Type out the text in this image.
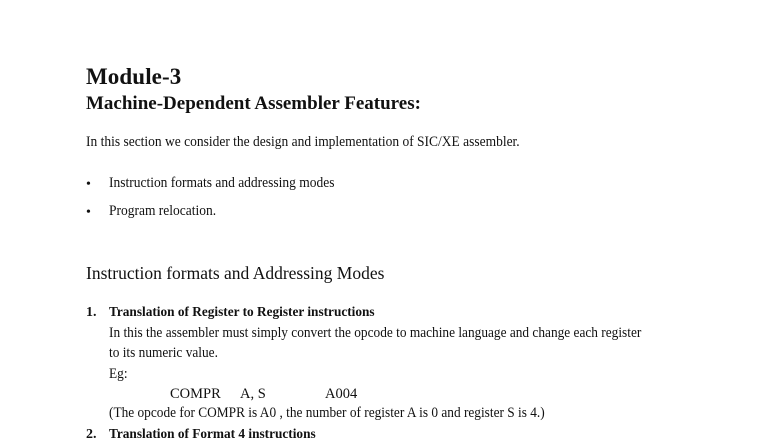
Module-3
Machine-Dependent Assembler Features:
In this section we consider the design and implementation of SIC/XE assembler.
• Instruction formats and addressing modes
• Program relocation.
Instruction formats and Addressing Modes
1. Translation of Register to Register instructions
In this the assembler must simply convert the opcode to machine language and change each register
to its numeric value.
Eg:
COMPR A, S	A004
(The opcode for COMPR is A0 , the number of register A is 0 and register S is 4.)
2. Translation of Format 4 instructions
